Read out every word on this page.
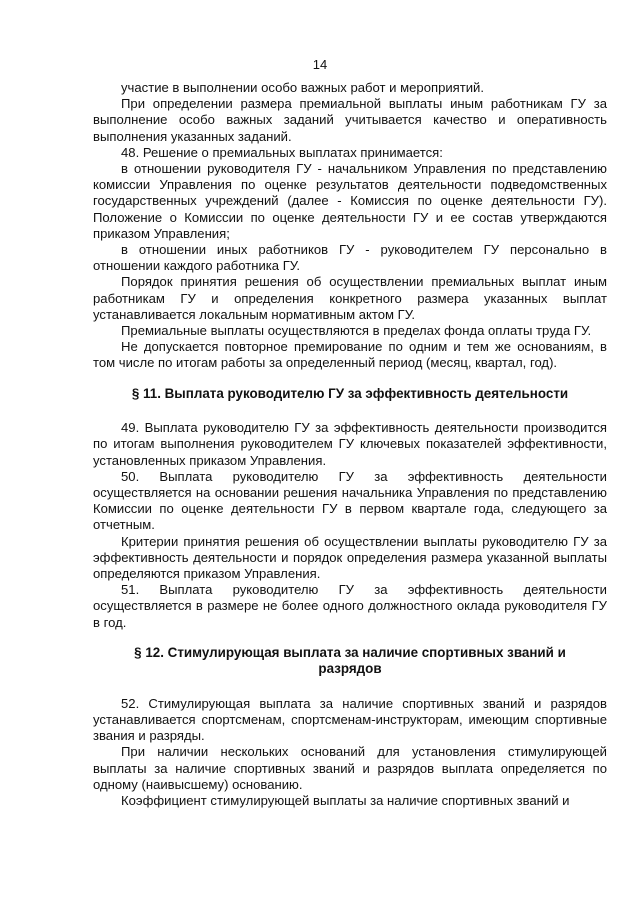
14

участие в выполнении особо важных работ и мероприятий.

При определении размера премиальной выплаты иным работникам ГУ за выполнение особо важных заданий учитывается качество и оперативность выполнения указанных заданий.

48. Решение о премиальных выплатах принимается:

в отношении руководителя ГУ - начальником Управления по представлению комиссии Управления по оценке результатов деятельности подведомственных государственных учреждений (далее - Комиссия по оценке деятельности ГУ). Положение о Комиссии по оценке деятельности ГУ и ее состав утверждаются приказом Управления;

в отношении иных работников ГУ - руководителем ГУ персонально в отношении каждого работника ГУ.

Порядок принятия решения об осуществлении премиальных выплат иным работникам ГУ и определения конкретного размера указанных выплат устанавливается локальным нормативным актом ГУ.

Премиальные выплаты осуществляются в пределах фонда оплаты труда ГУ.

Не допускается повторное премирование по одним и тем же основаниям, в том числе по итогам работы за определенный период (месяц, квартал, год).

§ 11. Выплата руководителю ГУ за эффективность деятельности

49. Выплата руководителю ГУ за эффективность деятельности производится по итогам выполнения руководителем ГУ ключевых показателей эффективности, установленных приказом Управления.

50. Выплата руководителю ГУ за эффективность деятельности осуществляется на основании решения начальника Управления по представлению Комиссии по оценке деятельности ГУ в первом квартале года, следующего за отчетным.

Критерии принятия решения об осуществлении выплаты руководителю ГУ за эффективность деятельности и порядок определения размера указанной выплаты определяются приказом Управления.

51. Выплата руководителю ГУ за эффективность деятельности осуществляется в размере не более одного должностного оклада руководителя ГУ в год.

§ 12. Стимулирующая выплата за наличие спортивных званий и разрядов

52. Стимулирующая выплата за наличие спортивных званий и разрядов устанавливается спортсменам, спортсменам-инструкторам, имеющим спортивные звания и разряды.

При наличии нескольких оснований для установления стимулирующей выплаты за наличие спортивных званий и разрядов выплата определяется по одному (наивысшему) основанию.

Коэффициент стимулирующей выплаты за наличие спортивных званий и
